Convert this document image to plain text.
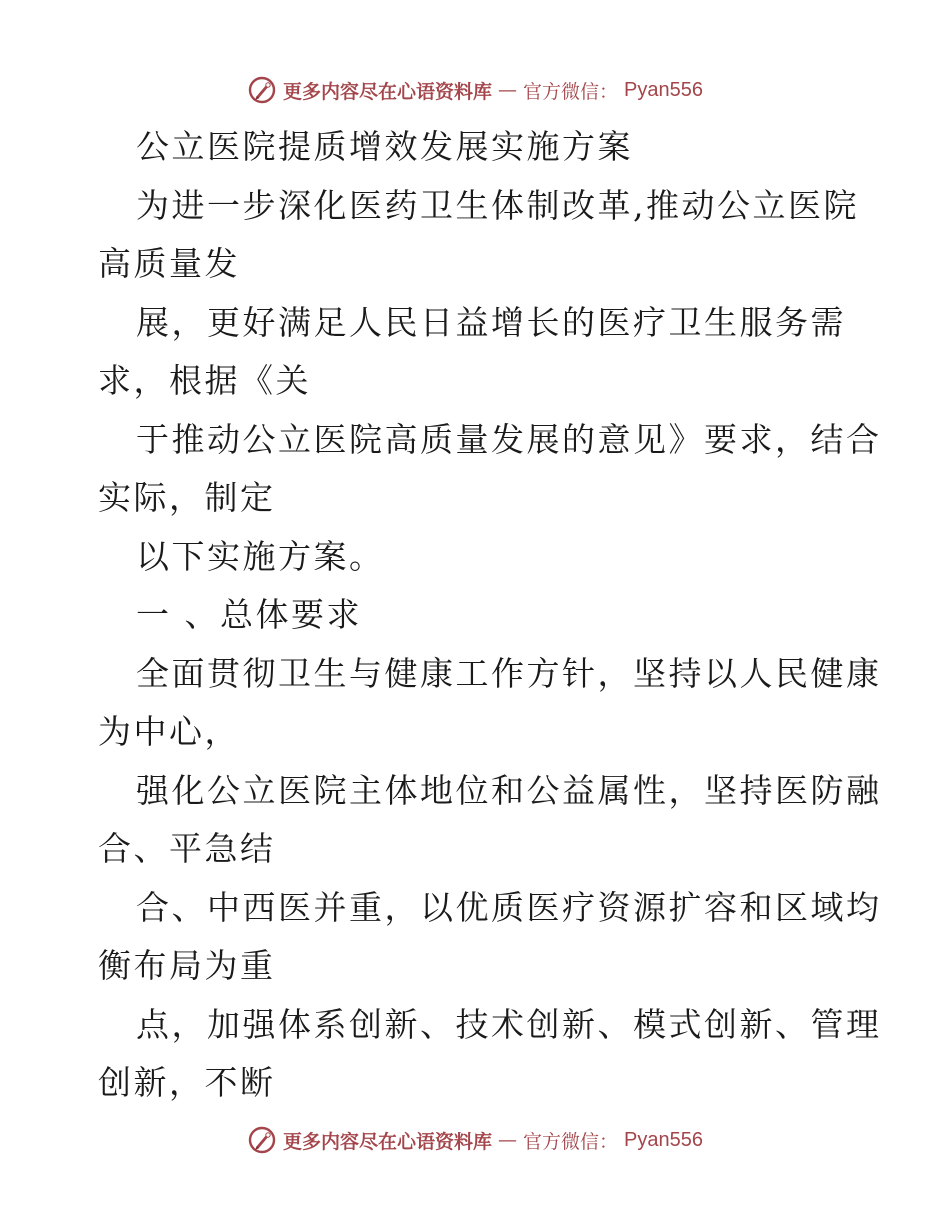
更多内容尽在心语资料库 — 官方微信： Pyan556
公立医院提质增效发展实施方案
为进一步深化医药卫生体制改革,推动公立医院
高质量发
展，更好满足人民日益增长的医疗卫生服务需
求，根据《关
于推动公立医院高质量发展的意见》要求，结合
实际，制定
以下实施方案。
一 、总体要求
全面贯彻卫生与健康工作方针，坚持以人民健康
为中心，
强化公立医院主体地位和公益属性，坚持医防融
合、平急结
合、中西医并重，以优质医疗资源扩容和区域均
衡布局为重
点，加强体系创新、技术创新、模式创新、管理
创新，不断
更多内容尽在心语资料库 — 官方微信： Pyan556
